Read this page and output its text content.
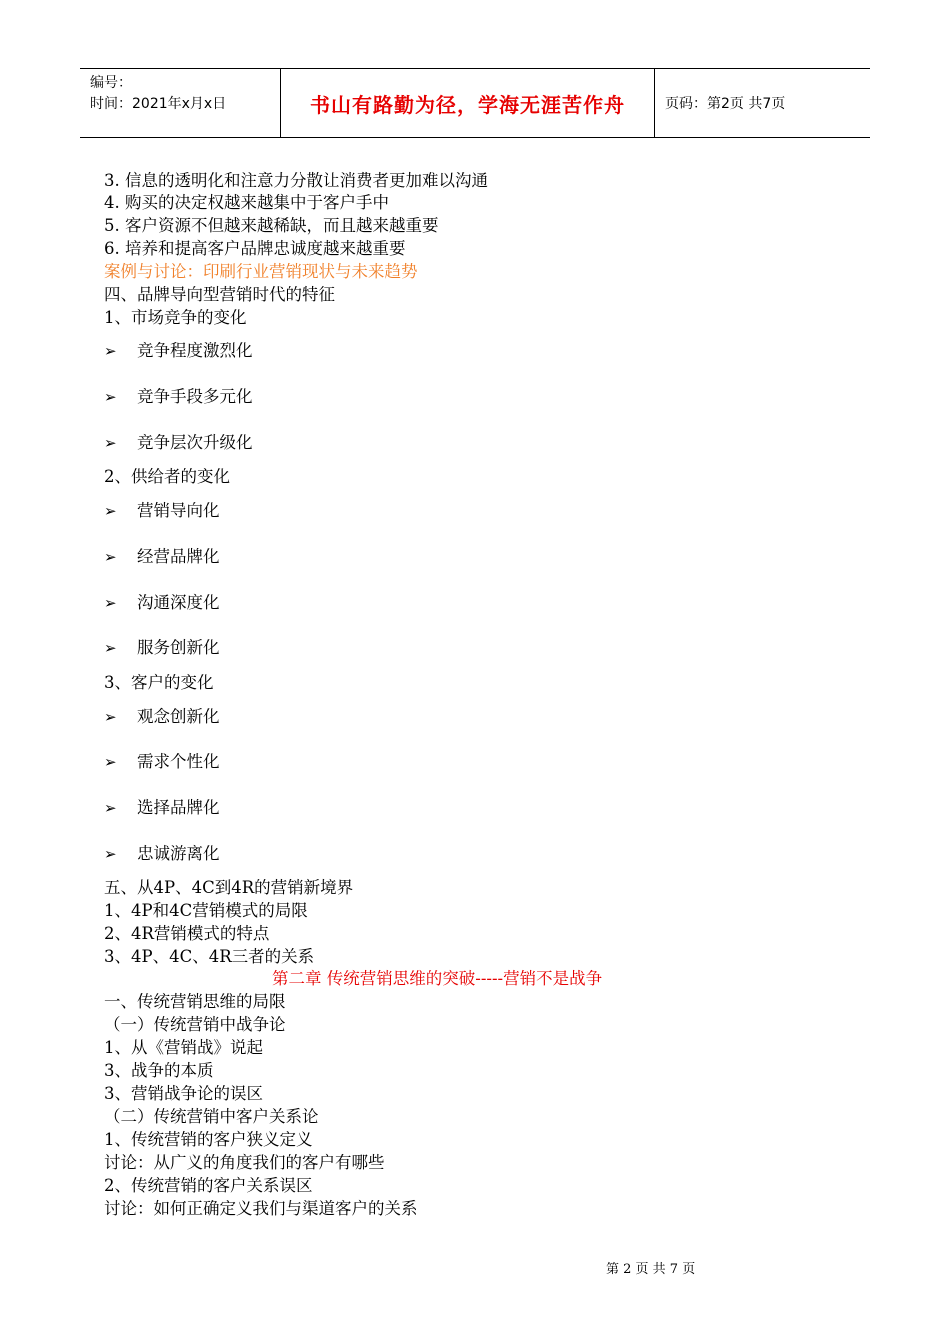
编号：
时间：2021年x月x日	书山有路勤为径，学海无涯苦作舟	页码：第2页 共7页
3. 信息的透明化和注意力分散让消费者更加难以沟通
4. 购买的决定权越来越集中于客户手中
5. 客户资源不但越来越稀缺，而且越来越重要
6. 培养和提高客户品牌忠诚度越来越重要
案例与讨论：印刷行业营销现状与未来趋势
四、品牌导向型营销时代的特征
1、市场竞争的变化
➢ 竞争程度激烈化
➢ 竞争手段多元化
➢ 竞争层次升级化
2、供给者的变化
➢ 营销导向化
➢ 经营品牌化
➢ 沟通深度化
➢ 服务创新化
3、客户的变化
➢ 观念创新化
➢ 需求个性化
➢ 选择品牌化
➢ 忠诚游离化
五、从4P、4C到4R的营销新境界
1、4P和4C营销模式的局限
2、4R营销模式的特点
3、4P、4C、4R三者的关系
第二章 传统营销思维的突破-----营销不是战争
一、传统营销思维的局限
（一）传统营销中战争论
1、从《营销战》说起
3、战争的本质
3、营销战争论的误区
（二）传统营销中客户关系论
1、传统营销的客户狭义定义
讨论：从广义的角度我们的客户有哪些
2、传统营销的客户关系误区
讨论：如何正确定义我们与渠道客户的关系
第 2 页 共 7 页
